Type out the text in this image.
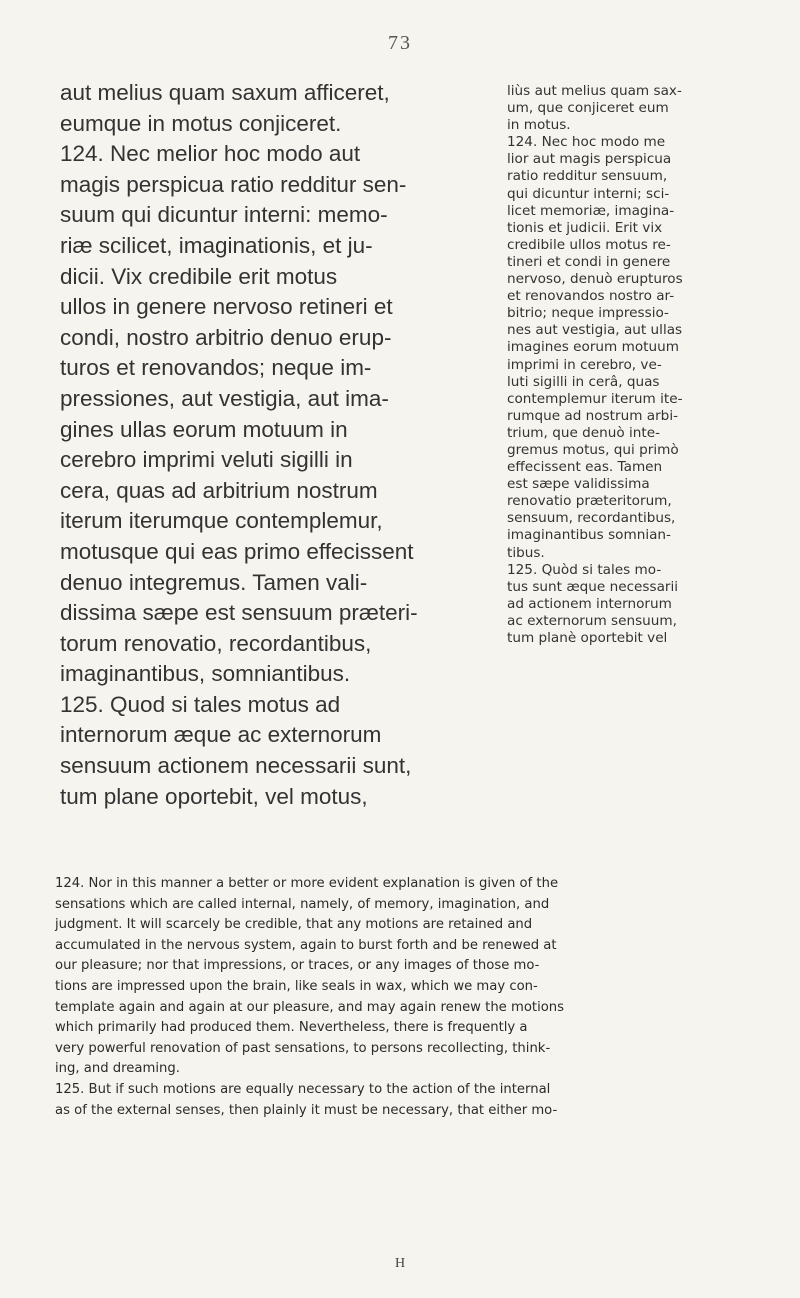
73
aut melius quam saxum afficeret,
eumque in motus conjiceret.
124. Nec melior hoc modo aut
magis perspicua ratio redditur sen-
suum qui dicuntur interni: memo-
riæ scilicet, imaginationis, et ju-
dicii. Vix credibile erit motus
ullos in genere nervoso retineri et
condi, nostro arbitrio denuo erup-
turos et renovandos; neque im-
pressiones, aut vestigia, aut ima-
gines ullas eorum motuum in
cerebro imprimi veluti sigilli in
cera, quas ad arbitrium nostrum
iterum iterumque contemplemur,
motusque qui eas primo effecissent
denuo integremus. Tamen vali-
dissima sæpe est sensuum præteri-
torum renovatio, recordantibus,
imaginantibus, somniantibus.
125. Quod si tales motus ad
internorum æque ac externorum
sensuum actionem necessarii sunt,
tum plane oportebit, vel motus,
liùs aut melius quam sax-
um, que conjiceret eum
in motus.
124. Nec hoc modo me
lior aut magis perspicua
ratio redditur sensuum,
qui dicuntur interni; sci-
licet memoriæ, imagina-
tionis et judicii. Erit vix
credibile ullos motus re-
tineri et condi in genere
nervoso, denuò erupturos
et renovandos nostro ar-
bitrio; neque impressio-
nes aut vestigia, aut ullas
imagines eorum motuum
imprimi in cerebro, ve-
luti sigilli in cerâ, quas
contemplemur iterum ite-
rumque ad nostrum arbi-
trium, que denuò inte-
gremus motus, qui primò
effecissent eas. Tamen
est sæpe validissima
renovatio præteritorum,
sensuum, recordantibus,
imaginantibus somnian-
tibus.
125. Quòd si tales mo-
tus sunt æque necessarii
ad actionem internorum
ac externorum sensuum,
tum planè oportebit vel
124. Nor in this manner a better or more evident explanation is given of the
sensations which are called internal, namely, of memory, imagination, and
judgment. It will scarcely be credible, that any motions are retained and
accumulated in the nervous system, again to burst forth and be renewed at
our pleasure; nor that impressions, or traces, or any images of those mo-
tions are impressed upon the brain, like seals in wax, which we may con-
template again and again at our pleasure, and may again renew the motions
which primarily had produced them. Nevertheless, there is frequently a
very powerful renovation of past sensations, to persons recollecting, think-
ing, and dreaming.
125. But if such motions are equally necessary to the action of the internal
as of the external senses, then plainly it must be necessary, that either mo-
H
